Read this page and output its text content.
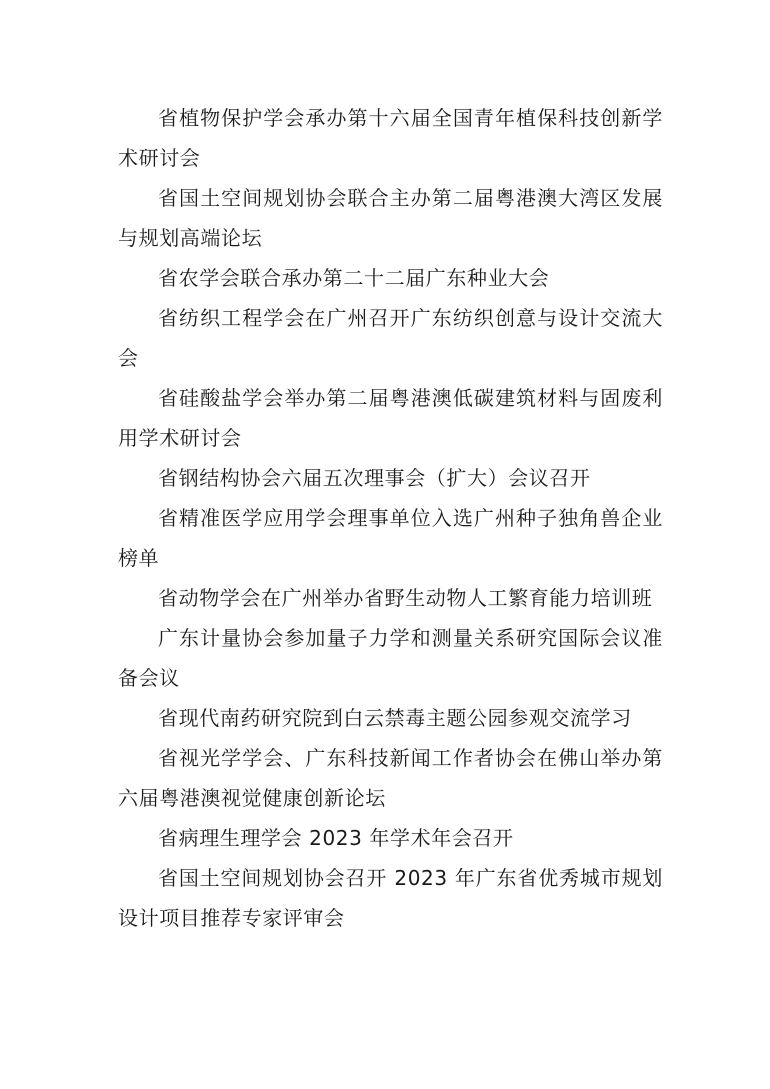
省植物保护学会承办第十六届全国青年植保科技创新学术研讨会

省国土空间规划协会联合主办第二届粤港澳大湾区发展与规划高端论坛

省农学会联合承办第二十二届广东种业大会

省纺织工程学会在广州召开广东纺织创意与设计交流大会

省硅酸盐学会举办第二届粤港澳低碳建筑材料与固废利用学术研讨会

省钢结构协会六届五次理事会（扩大）会议召开

省精准医学应用学会理事单位入选广州种子独角兽企业榜单

省动物学会在广州举办省野生动物人工繁育能力培训班

广东计量协会参加量子力学和测量关系研究国际会议准备会议

省现代南药研究院到白云禁毒主题公园参观交流学习

省视光学学会、广东科技新闻工作者协会在佛山举办第六届粤港澳视觉健康创新论坛

省病理生理学会 2023 年学术年会召开

省国土空间规划协会召开 2023 年广东省优秀城市规划设计项目推荐专家评审会
